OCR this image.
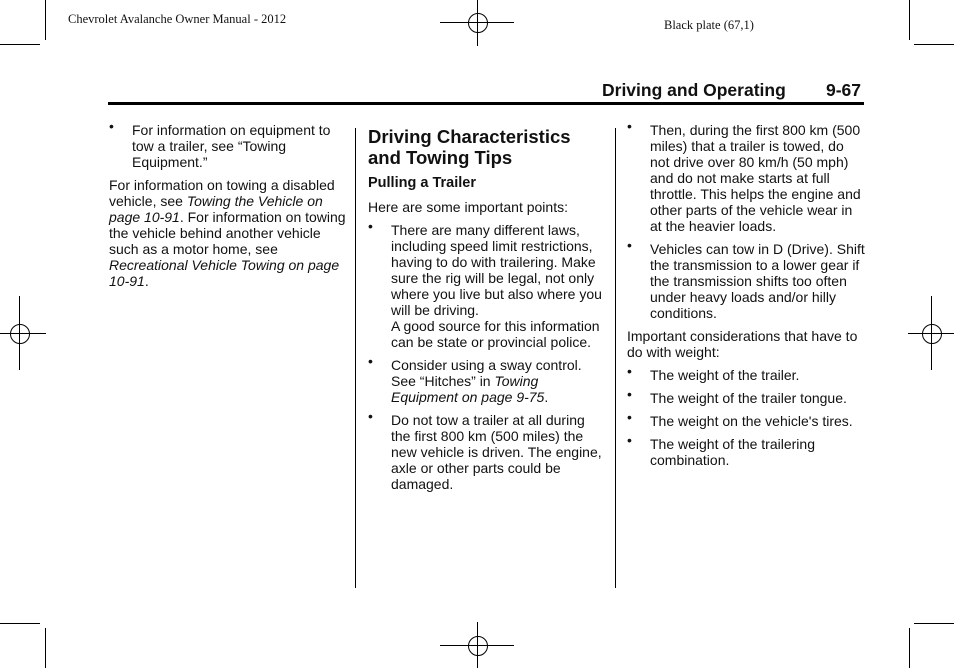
Chevrolet Avalanche Owner Manual - 2012	Black plate (67,1)
Driving and Operating 9-67
• For information on equipment to tow a trailer, see “Towing Equipment.”

For information on towing a disabled vehicle, see Towing the Vehicle on page 10-91. For information on towing the vehicle behind another vehicle such as a motor home, see Recreational Vehicle Towing on page 10-91.

Driving Characteristics and Towing Tips
Pulling a Trailer

Here are some important points:

• There are many different laws, including speed limit restrictions, having to do with trailering. Make sure the rig will be legal, not only where you live but also where you will be driving.
A good source for this information can be state or provincial police.
• Consider using a sway control. See “Hitches” in Towing Equipment on page 9-75.
• Do not tow a trailer at all during the first 800 km (500 miles) the new vehicle is driven. The engine, axle or other parts could be damaged.
• Then, during the first 800 km (500 miles) that a trailer is towed, do not drive over 80 km/h (50 mph) and do not make starts at full throttle. This helps the engine and other parts of the vehicle wear in at the heavier loads.
• Vehicles can tow in D (Drive). Shift the transmission to a lower gear if the transmission shifts too often under heavy loads and/or hilly conditions.

Important considerations that have to do with weight:

• The weight of the trailer.
• The weight of the trailer tongue.
• The weight on the vehicle's tires.
• The weight of the trailering combination.
